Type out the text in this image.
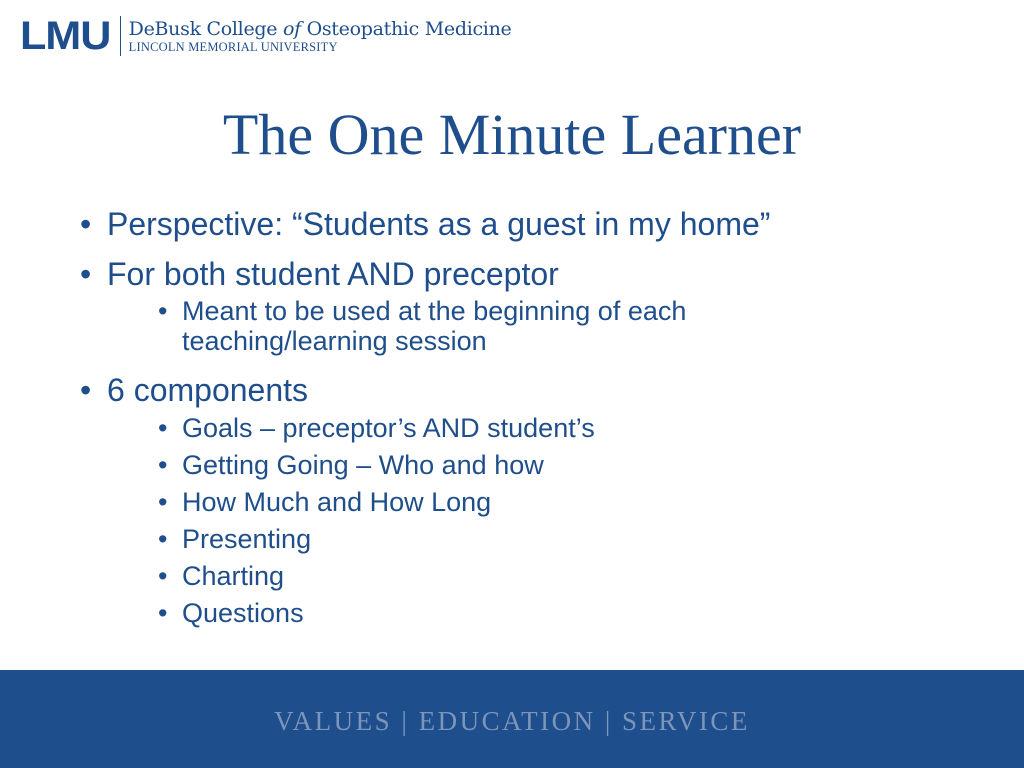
LMU DeBusk College of Osteopathic Medicine
LINCOLN MEMORIAL UNIVERSITY
The One Minute Learner
• Perspective: “Students as a guest in my home”
• For both student AND preceptor
• Meant to be used at the beginning of each teaching/learning session
• 6 components
• Goals – preceptor’s AND student’s
• Getting Going – Who and how
• How Much and How Long
• Presenting
• Charting
• Questions
VALUES | EDUCATION | SERVICE
